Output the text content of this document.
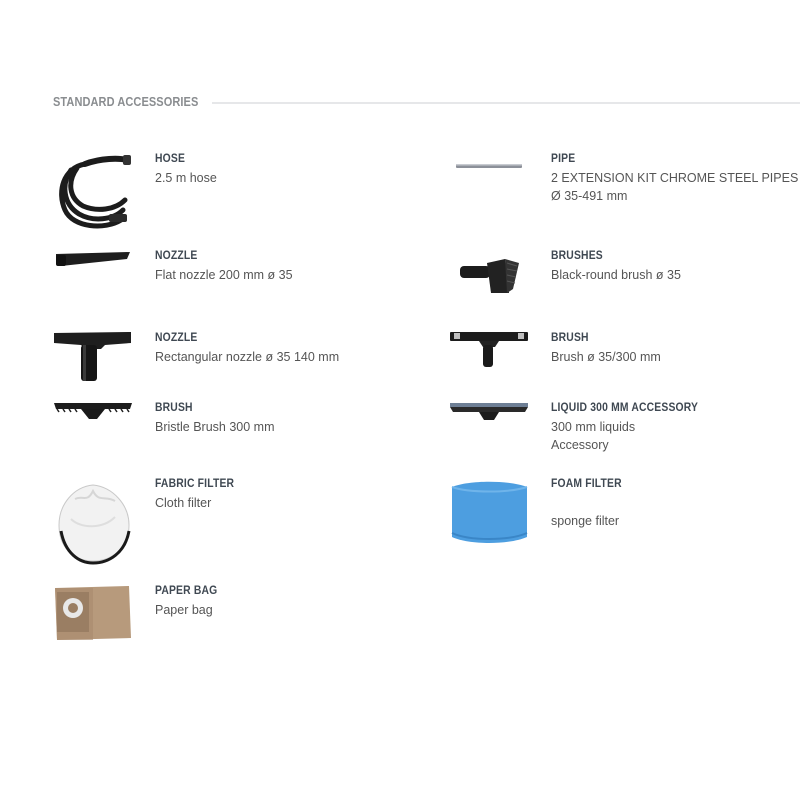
STANDARD ACCESSORIES
HOSE
2.5 m hose
PIPE
2 EXTENSION KIT CHROME STEEL PIPES Ø 35-491 mm
NOZZLE
Flat nozzle 200 mm ø 35
BRUSHES
Black-round brush ø 35
NOZZLE
Rectangular nozzle ø 35 140 mm
BRUSH
Brush ø 35/300 mm
BRUSH
Bristle Brush 300 mm
LIQUID 300 MM ACCESSORY
300 mm liquids Accessory
FABRIC FILTER
Cloth filter
FOAM FILTER
sponge filter
PAPER BAG
Paper bag
